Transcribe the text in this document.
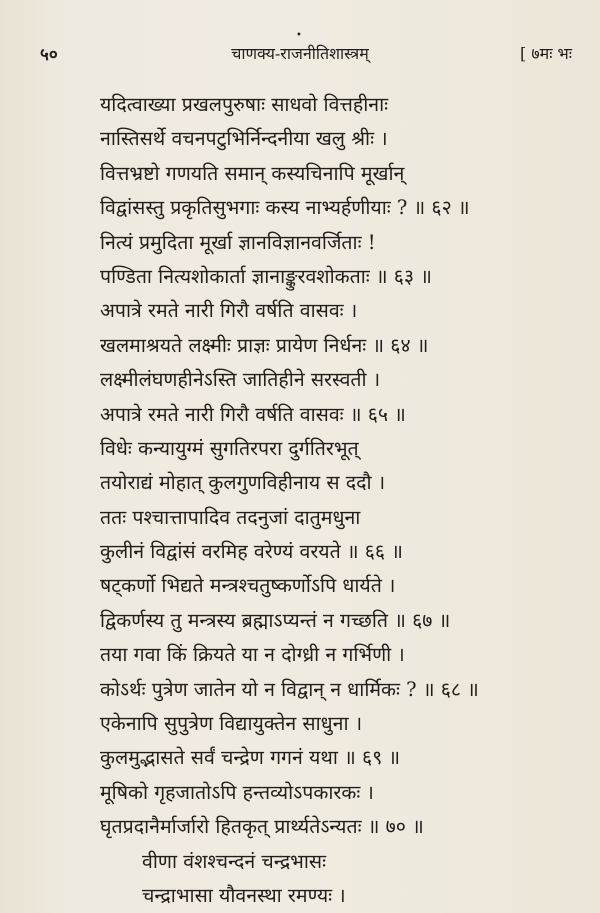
•
५०	चाणक्य-राजनीतिशास्त्रम्	[ ७मः भः
यदित्वाख्या प्रखलपुरुषाः साधवो वित्तहीनाः
नास्तिसर्थे वचनपटुभिर्निन्दनीया खलु श्रीः ।
वित्तभ्रष्टो गणयति समान् कस्यचिनापि मूर्खान्
विद्वांसस्तु प्रकृतिसुभगाः कस्य नाभ्यर्हणीयाः ? ॥ ६२ ॥
नित्यं प्रमुदिता मूर्खा ज्ञानविज्ञानवर्जिताः !
पण्डिता नित्यशोकार्ता ज्ञानाङ्कुरवशोकताः ॥ ६३ ॥
अपात्रे रमते नारी गिरौ वर्षति वासवः ।
खलमाश्रयते लक्ष्मीः प्राज्ञः प्रायेण निर्धनः ॥ ६४ ॥
लक्ष्मीलंघणहीनेऽस्ति जातिहीने सरस्वती ।
अपात्रे रमते नारी गिरौ वर्षति वासवः ॥ ६५ ॥
विधेः कन्यायुग्मं सुगतिरपरा दुर्गतिरभूत्
तयोराद्यं मोहात् कुलगुणविहीनाय स ददौ ।
ततः पश्चात्तापादिव तदनुजां दातुमधुना
कुलीनं विद्वांसं वरमिह वरेण्यं वरयते ॥ ६६ ॥
षट्कर्णो भिद्यते मन्त्रश्चतुष्कर्णोऽपि धार्यते ।
द्विकर्णस्य तु मन्त्रस्य ब्रह्माऽप्यन्तं न गच्छति ॥ ६७ ॥
तया गवा किं क्रियते या न दोग्ध्री न गर्भिणी ।
कोऽर्थः पुत्रेण जातेन यो न विद्वान् न धार्मिकः ? ॥ ६८ ॥
एकेनापि सुपुत्रेण विद्यायुक्तेन साधुना ।
कुलमुद्भासते सर्वं चन्द्रेण गगनं यथा ॥ ६९ ॥
मूषिको गृहजातोऽपि हन्तव्योऽपकारकः ।
घृतप्रदानैर्मार्जारो हितकृत् प्रार्थ्यतेऽन्यतः ॥ ७० ॥
वीणा वंशश्चन्दनं चन्द्रभासः
चन्द्राभासा यौवनस्था रमण्यः ।
